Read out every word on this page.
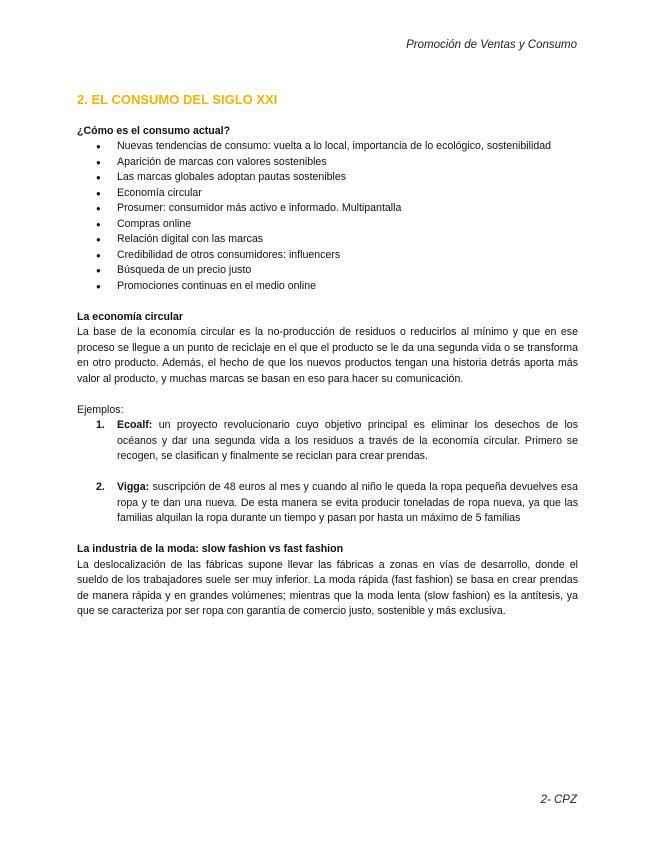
Promoción de Ventas y Consumo
2. EL CONSUMO DEL SIGLO XXI

¿Cómo es el consumo actual?

● Nuevas tendencias de consumo: vuelta a lo local, importancia de lo ecológico, sostenibilidad
● Aparición de marcas con valores sostenibles
● Las marcas globales adoptan pautas sostenibles
● Economía circular
● Prosumer: consumidor más activo e informado. Multipantalla
● Compras online
● Relación digital con las marcas
● Credibilidad de otros consumidores: influencers
● Búsqueda de un precio justo
● Promociones continuas en el medio online

La economía circular

La base de la economía circular es la no-producción de residuos o reducirlos al mínimo y que en ese proceso se llegue a un punto de reciclaje en el que el producto se le da una segunda vida o se transforma en otro producto. Además, el hecho de que los nuevos productos tengan una historia detrás aporta más valor al producto, y muchas marcas se basan en eso para hacer su comunicación.

Ejemplos:

1. Ecoalf: un proyecto revolucionario cuyo objetivo principal es eliminar los desechos de los océanos y dar una segunda vida a los residuos a través de la economía circular. Primero se recogen, se clasifican y finalmente se reciclan para crear prendas.
2. Vigga: suscripción de 48 euros al mes y cuando al niño le queda la ropa pequeña devuelves esa ropa y te dan una nueva. De esta manera se evita producir toneladas de ropa nueva, ya que las familias alquilan la ropa durante un tiempo y pasan por hasta un máximo de 5 familias

La industria de la moda: slow fashion vs fast fashion

La deslocalización de las fábricas supone llevar las fábricas a zonas en vías de desarrollo, donde el sueldo de los trabajadores suele ser muy inferior. La moda rápida (fast fashion) se basa en crear prendas de manera rápida y en grandes volúmenes; mientras que la moda lenta (slow fashion) es la antítesis, ya que se caracteriza por ser ropa con garantía de comercio justo, sostenible y más exclusiva.

2- CPZ
